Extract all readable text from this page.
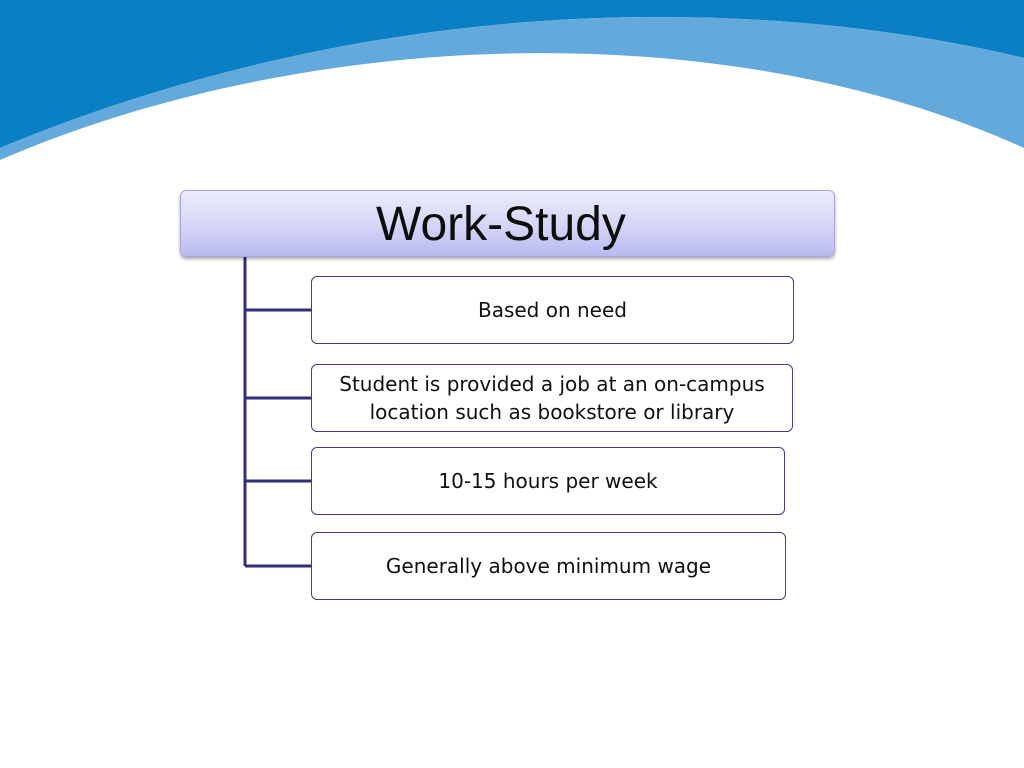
Work-Study
Based on need
Student is provided a job at an on-campus location such as bookstore or library
10-15 hours per week
Generally above minimum wage
